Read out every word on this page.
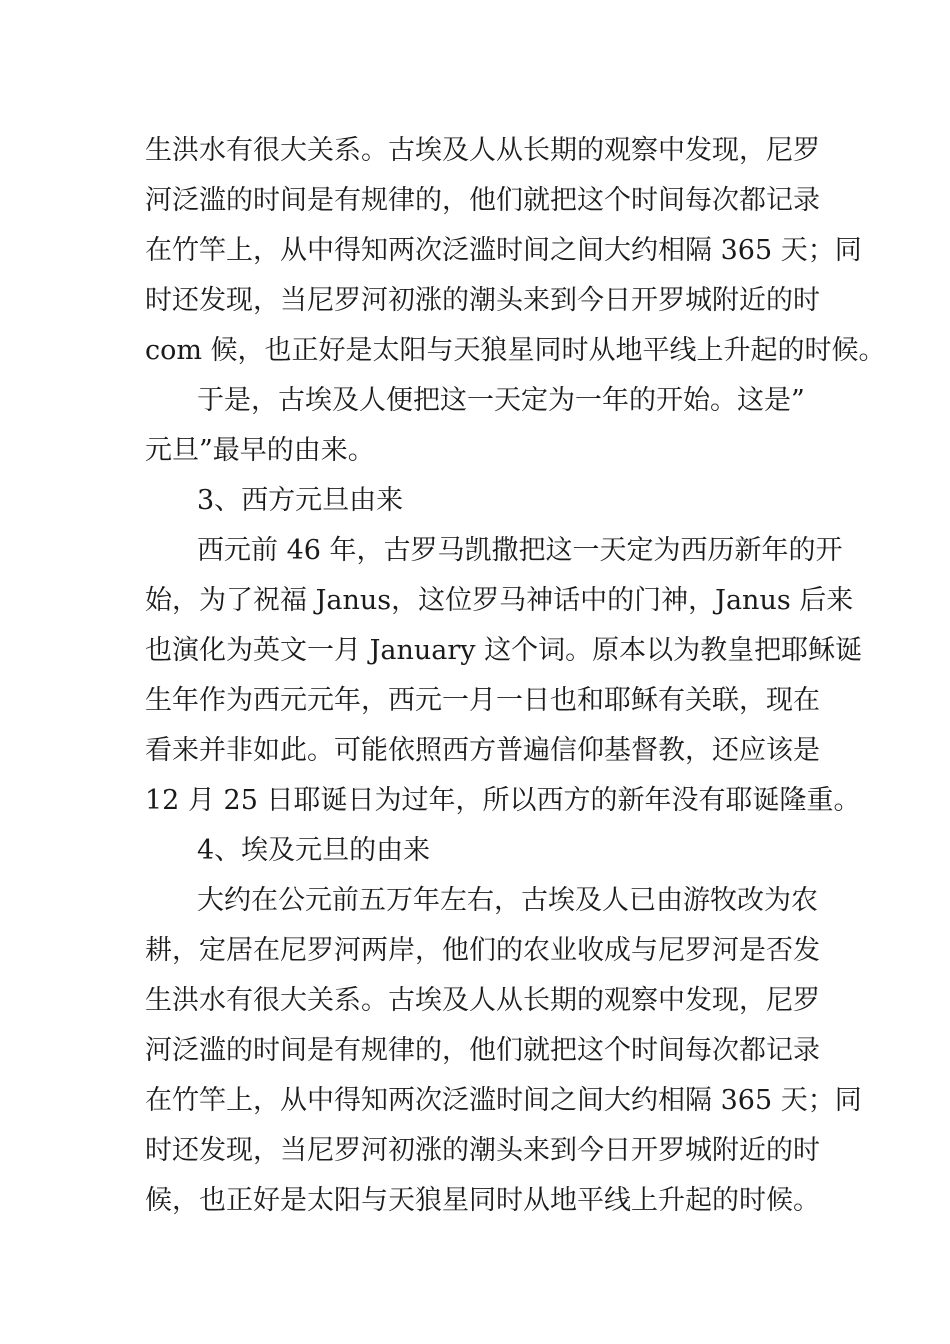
生洪水有很大关系。古埃及人从长期的观察中发现，尼罗
河泛滥的时间是有规律的，他们就把这个时间每次都记录
在竹竿上，从中得知两次泛滥时间之间大约相隔 365 天；同
时还发现，当尼罗河初涨的潮头来到今日开罗城附近的时
com 候，也正好是太阳与天狼星同时从地平线上升起的时候。
于是，古埃及人便把这一天定为一年的开始。这是”
元旦”最早的由来。
3、西方元旦由来
西元前 46 年，古罗马凯撒把这一天定为西历新年的开
始，为了祝福 Janus，这位罗马神话中的门神，Janus 后来
也演化为英文一月 January 这个词。原本以为教皇把耶稣诞
生年作为西元元年，西元一月一日也和耶稣有关联，现在
看来并非如此。可能依照西方普遍信仰基督教，还应该是
12 月 25 日耶诞日为过年，所以西方的新年没有耶诞隆重。
4、埃及元旦的由来
大约在公元前五万年左右，古埃及人已由游牧改为农
耕，定居在尼罗河两岸，他们的农业收成与尼罗河是否发
生洪水有很大关系。古埃及人从长期的观察中发现，尼罗
河泛滥的时间是有规律的，他们就把这个时间每次都记录
在竹竿上，从中得知两次泛滥时间之间大约相隔 365 天；同
时还发现，当尼罗河初涨的潮头来到今日开罗城附近的时
候，也正好是太阳与天狼星同时从地平线上升起的时候。
